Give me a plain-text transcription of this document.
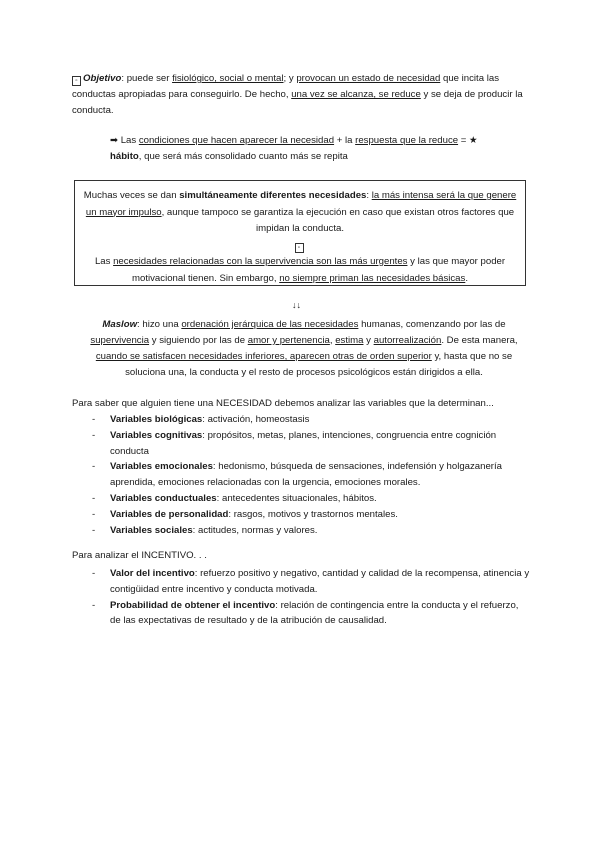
▫ Objetivo: puede ser fisiológico, social o mental; y provocan un estado de necesidad que incita las conductas apropiadas para conseguirlo. De hecho, una vez se alcanza, se reduce y se deja de producir la conducta.

➡ Las condiciones que hacen aparecer la necesidad + la respuesta que la reduce = ★ hábito, que será más consolidado cuanto más se repita

Muchas veces se dan simultáneamente diferentes necesidades: la más intensa será la que genere un mayor impulso, aunque tampoco se garantiza la ejecución en caso que existan otros factores que impidan la conducta.
▫
Las necesidades relacionadas con la supervivencia son las más urgentes y las que mayor poder motivacional tienen. Sin embargo, no siempre priman las necesidades básicas.
↓↓

Maslow: hizo una ordenación jerárquica de las necesidades humanas, comenzando por las de supervivencia y siguiendo por las de amor y pertenencia, estima y autorrealización. De esta manera, cuando se satisfacen necesidades inferiores, aparecen otras de orden superior y, hasta que no se soluciona una, la conducta y el resto de procesos psicológicos están dirigidos a ella.

Para saber que alguien tiene una NECESIDAD debemos analizar las variables que la determinan...

- Variables biológicas: activación, homeostasis
- Variables cognitivas: propósitos, metas, planes, intenciones, congruencia entre cognición conducta
- Variables emocionales: hedonismo, búsqueda de sensaciones, indefensión y holgazanería aprendida, emociones relacionadas con la urgencia, emociones morales.
- Variables conductuales: antecedentes situacionales, hábitos.
- Variables de personalidad: rasgos, motivos y trastornos mentales.
- Variables sociales: actitudes, normas y valores.

Para analizar el INCENTIVO. . .

- Valor del incentivo: refuerzo positivo y negativo, cantidad y calidad de la recompensa, atinencia y contigüidad entre incentivo y conducta motivada.
- Probabilidad de obtener el incentivo: relación de contingencia entre la conducta y el refuerzo, de las expectativas de resultado y de la atribución de causalidad.
